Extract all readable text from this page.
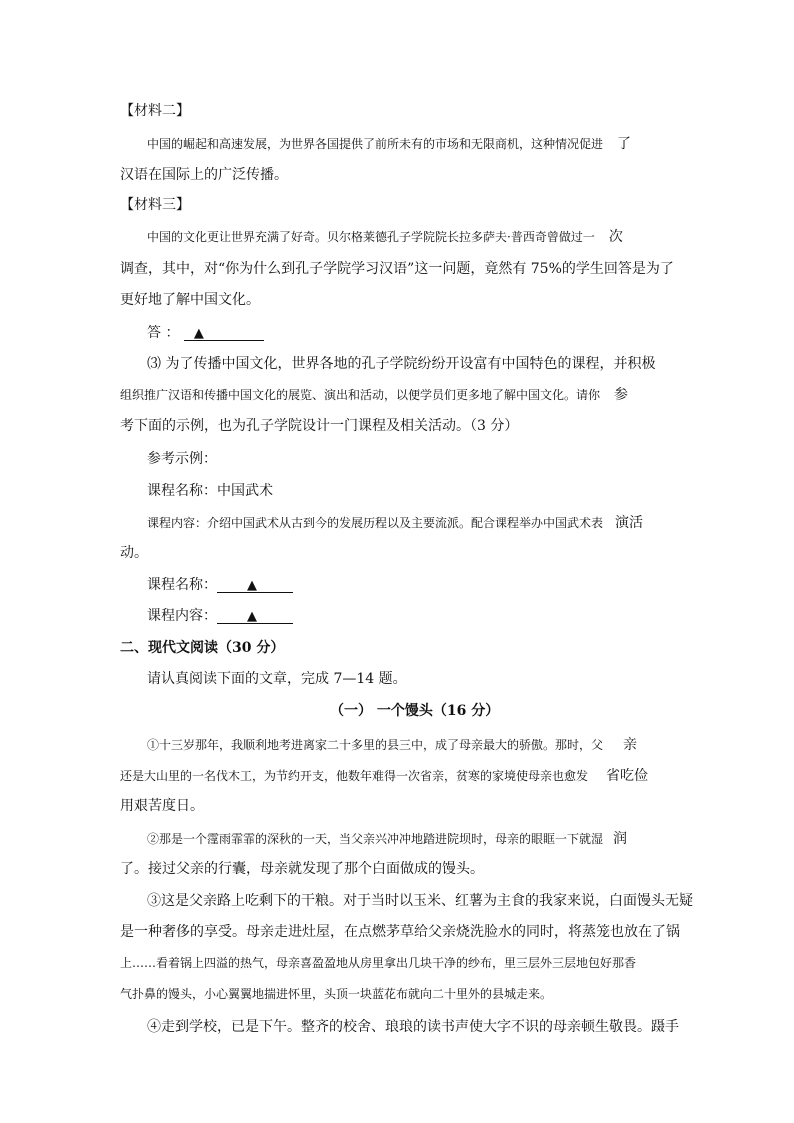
【材料二】
中国的崛起和高速发展，为世界各国提供了前所未有的市场和无限商机，这种情况促进 了
汉语在国际上的广泛传播。
【材料三】
中国的文化更让世界充满了好奇。贝尔格莱德孔子学院院长拉多萨夫·普西奇曾做过一 次
调查，其中，对“你为什么到孔子学院学习汉语”这一问题，竟然有 75%的学生回答是为了
更好地了解中国文化。
答 ： ▲
⑶ 为了传播中国文化，世界各地的孔子学院纷纷开设富有中国特色的课程，并积极
组织推广汉语和传播中国文化的展览、演出和活动，以便学员们更多地了解中国文化。请你 参
考下面的示例，也为孔子学院设计一门课程及相关活动。（3 分）
参考示例：
课程名称：中国武术
课程内容：介绍中国武术从古到今的发展历程以及主要流派。配合课程举办中国武术表 演活
动。
课程名称： ▲
课程内容： ▲
二、现代文阅读（30 分）
请认真阅读下面的文章，完成 7—14 题。
（一） 一个馒头（16 分）
①十三岁那年，我顺利地考进离家二十多里的县三中，成了母亲最大的骄傲。那时，父 亲
还是大山里的一名伐木工，为节约开支，他数年难得一次省亲，贫寒的家境使母亲也愈发 省吃俭
用艰苦度日。
②那是一个霪雨霏霏的深秋的一天，当父亲兴冲冲地踏进院坝时，母亲的眼眶一下就湿 润
了。接过父亲的行囊，母亲就发现了那个白面做成的馒头。
③这是父亲路上吃剩下的干粮。对于当时以玉米、红薯为主食的我家来说，白面馒头无疑
是一种奢侈的享受。母亲走进灶屋，在点燃茅草给父亲烧洗脸水的同时，将蒸笼也放在了锅
上……看着锅上四溢的热气，母亲喜盈盈地从房里拿出几块干净的纱布，里三层外三层地包好那香
气扑鼻的馒头，小心翼翼地揣进怀里，头顶一块蓝花布就向二十里外的县城走来。
④走到学校，已是下午。整齐的校舍、琅琅的读书声使大字不识的母亲顿生敬畏。蹑手
